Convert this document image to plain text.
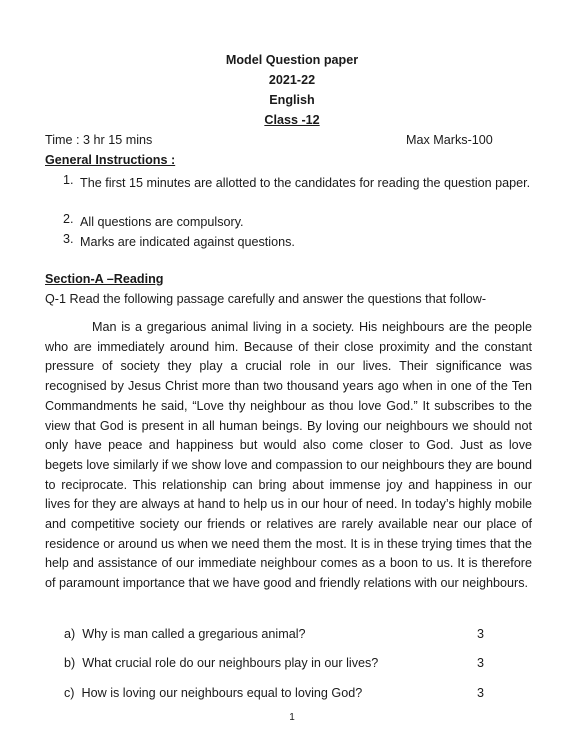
Model Question paper
2021-22
English
Class -12
Time : 3 hr 15 mins	Max Marks-100
General Instructions :
1. The first 15 minutes are allotted to the candidates for reading the question paper.
2. All questions are compulsory.
3. Marks are indicated against questions.
Section-A –Reading
Q-1 Read the following passage carefully and answer the questions that follow-
Man is a gregarious animal living in a society. His neighbours are the people who are immediately around him. Because of their close proximity and the constant pressure of society they play a crucial role in our lives. Their significance was recognised by Jesus Christ more than two thousand years ago when in one of the Ten Commandments he said, “Love thy neighbour as thou love God.” It subscribes to the view that God is present in all human beings. By loving our neighbours we should not only have peace and happiness but would also come closer to God. Just as love begets love similarly if we show love and compassion to our neighbours they are bound to reciprocate. This relationship can bring about immense joy and happiness in our lives for they are always at hand to help us in our hour of need. In today’s highly mobile and competitive society our friends or relatives are rarely available near our place of residence or around us when we need them the most. It is in these trying times that the help and assistance of our immediate neighbour comes as a boon to us. It is therefore of paramount importance that we have good and friendly relations with our neighbours.
a) Why is man called a gregarious animal?	3
b) What crucial role do our neighbours play in our lives?	3
c) How is loving our neighbours equal to loving God?	3
1
